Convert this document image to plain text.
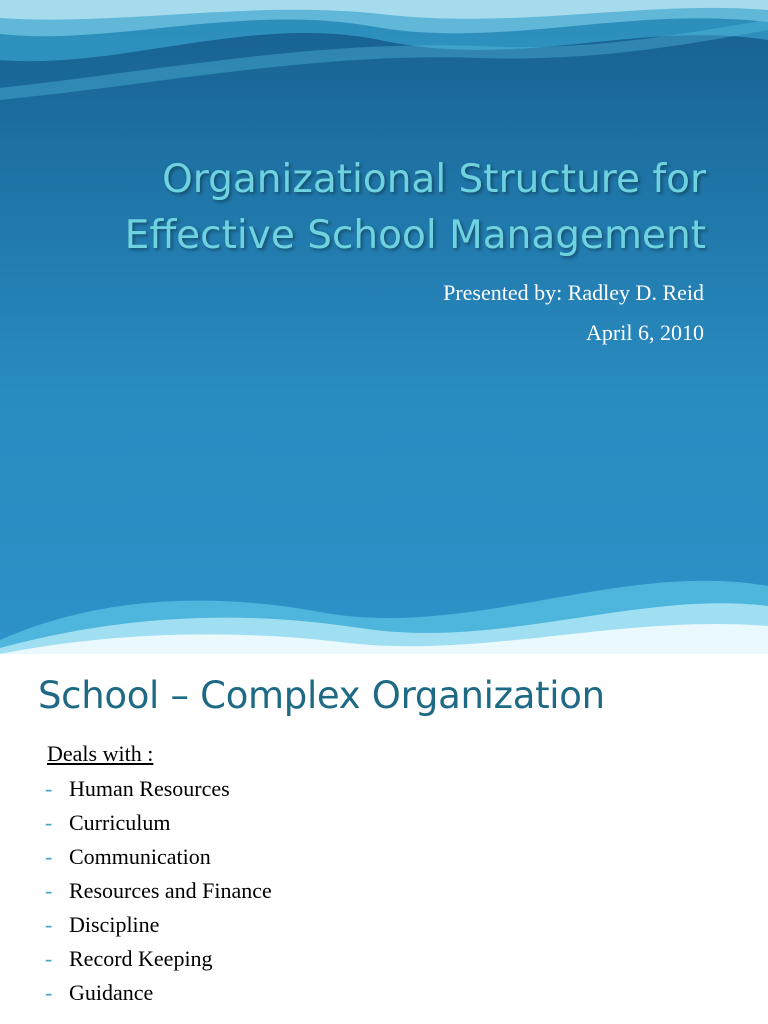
Organizational Structure for
Effective School Management
Presented by: Radley D. Reid
April 6, 2010
School – Complex Organization
Deals with :
- Human Resources
- Curriculum
- Communication
- Resources and Finance
- Discipline
- Record Keeping
- Guidance
